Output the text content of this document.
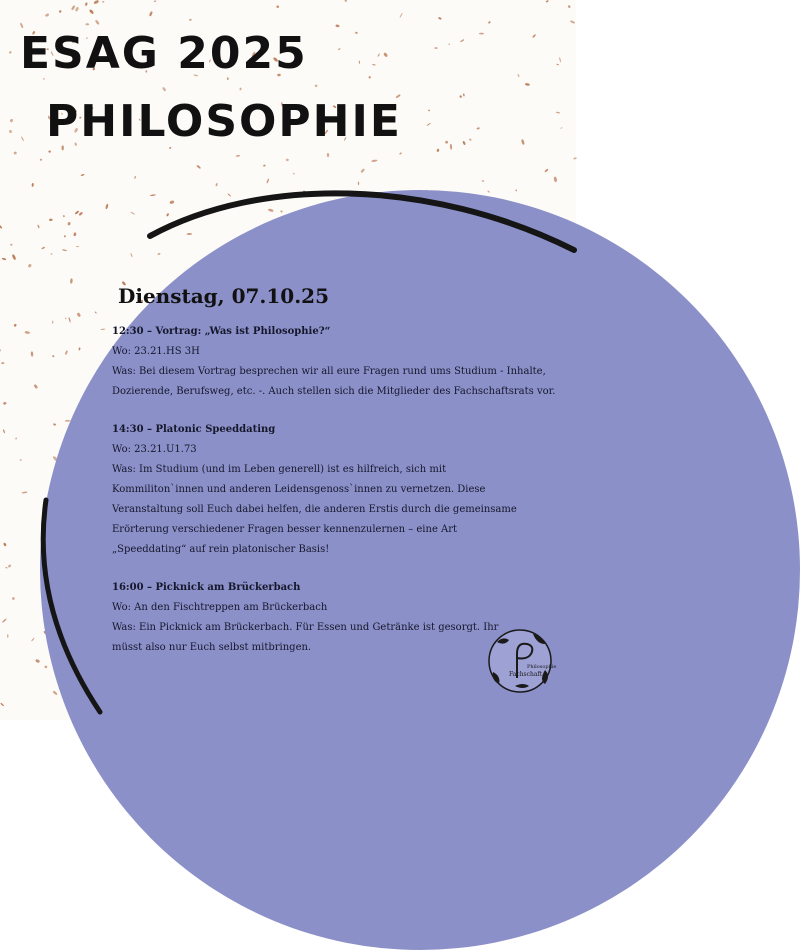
ESAG 2025
PHILOSOPHIE
Dienstag, 07.10.25

12:30 – Vortrag: „Was ist Philosophie?“

Wo: 23.21.HS 3H

Was: Bei diesem Vortrag besprechen wir all eure Fragen rund ums Studium - Inhalte,

Dozierende, Berufsweg, etc. -. Auch stellen sich die Mitglieder des Fachschaftsrats vor.

14:30 – Platonic Speeddating

Wo: 23.21.U1.73

Was: Im Studium (und im Leben generell) ist es hilfreich, sich mit

Kommiliton`innen und anderen Leidensgenoss`innen zu vernetzen. Diese

Veranstaltung soll Euch dabei helfen, die anderen Erstis durch die gemeinsame

Erörterung verschiedener Fragen besser kennenzulernen – eine Art

„Speeddating“ auf rein platonischer Basis!

16:00 – Picknick am Brückerbach

Wo: An den Fischtreppen am Brückerbach

Was: Ein Picknick am Brückerbach. Für Essen und Getränke ist gesorgt. Ihr

müsst also nur Euch selbst mitbringen.

Philosophie
Fachschaft
